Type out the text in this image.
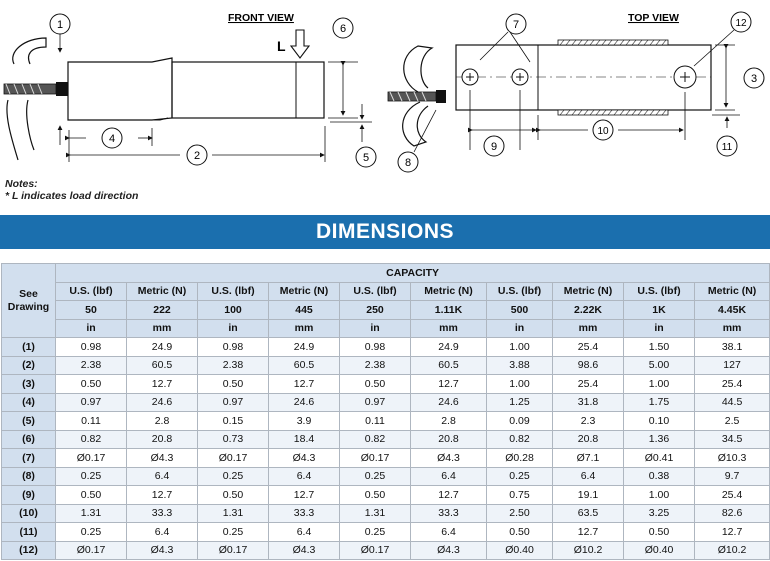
FRONT VIEW
L
TOP VIEW
1
2
3
4
5
6	7
8
9
10
11
12
Notes:
* L indicates load direction
DIMENSIONS
See Drawing	CAPACITY									
	U.S. (lbf)	Metric (N)	U.S. (lbf)	Metric (N)	U.S. (lbf)	Metric (N)	U.S. (lbf)	Metric (N)	U.S. (lbf)	Metric (N)
	50	222	100	445	250	1.11K	500	2.22K	1K	4.45K
	in	mm	in	mm	in	mm	in	mm	in	mm
(1)	0.98	24.9	0.98	24.9	0.98	24.9	1.00	25.4	1.50	38.1
(2)	2.38	60.5	2.38	60.5	2.38	60.5	3.88	98.6	5.00	127
(3)	0.50	12.7	0.50	12.7	0.50	12.7	1.00	25.4	1.00	25.4
(4)	0.97	24.6	0.97	24.6	0.97	24.6	1.25	31.8	1.75	44.5
(5)	0.11	2.8	0.15	3.9	0.11	2.8	0.09	2.3	0.10	2.5
(6)	0.82	20.8	0.73	18.4	0.82	20.8	0.82	20.8	1.36	34.5
(7)	Ø0.17	Ø4.3	Ø0.17	Ø4.3	Ø0.17	Ø4.3	Ø0.28	Ø7.1	Ø0.41	Ø10.3
(8)	0.25	6.4	0.25	6.4	0.25	6.4	0.25	6.4	0.38	9.7
(9)	0.50	12.7	0.50	12.7	0.50	12.7	0.75	19.1	1.00	25.4
(10)	1.31	33.3	1.31	33.3	1.31	33.3	2.50	63.5	3.25	82.6
(11)	0.25	6.4	0.25	6.4	0.25	6.4	0.50	12.7	0.50	12.7
(12)	Ø0.17	Ø4.3	Ø0.17	Ø4.3	Ø0.17	Ø4.3	Ø0.40	Ø10.2	Ø0.40	Ø10.2
